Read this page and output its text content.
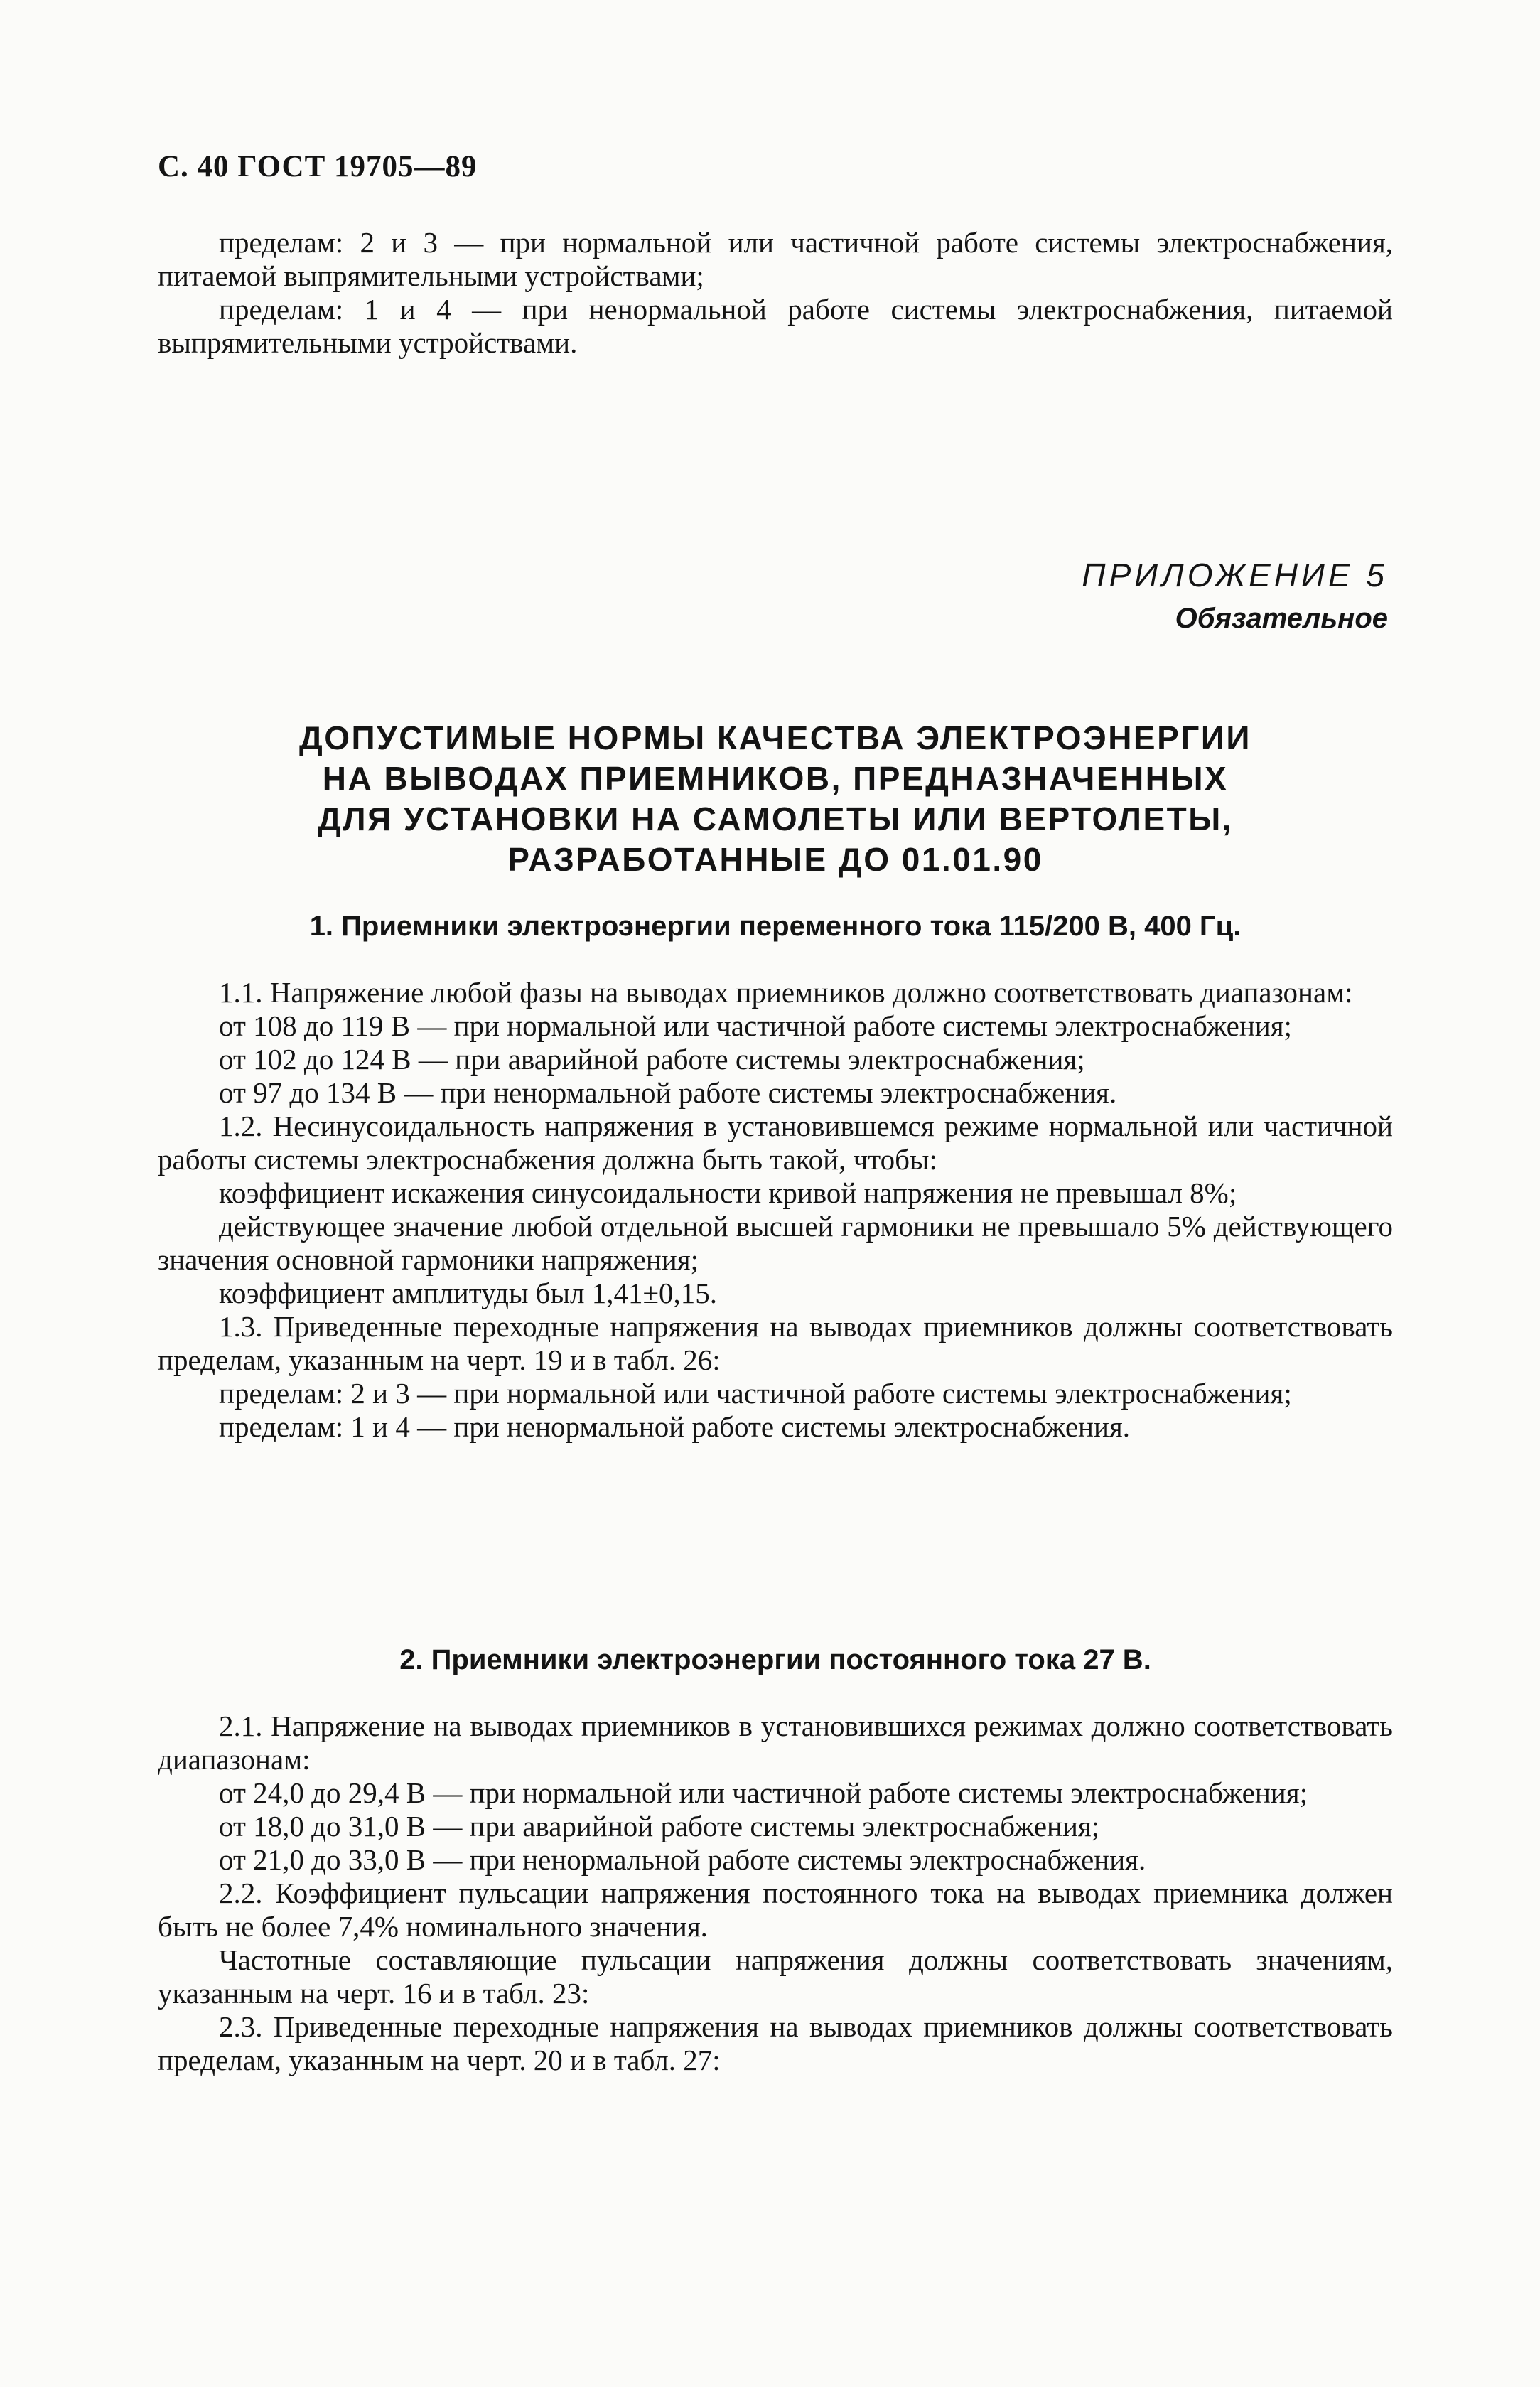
С. 40 ГОСТ 19705—89

пределам: 2 и 3 — при нормальной или частичной работе системы электроснабжения, питаемой выпрямительными устройствами;

пределам: 1 и 4 — при ненормальной работе системы электроснабжения, питаемой выпрямительными устройствами.

ПРИЛОЖЕНИЕ 5
Обязательное
ДОПУСТИМЫЕ НОРМЫ КАЧЕСТВА ЭЛЕКТРОЭНЕРГИИ
НА ВЫВОДАХ ПРИЕМНИКОВ, ПРЕДНАЗНАЧЕННЫХ
ДЛЯ УСТАНОВКИ НА САМОЛЕТЫ ИЛИ ВЕРТОЛЕТЫ,
РАЗРАБОТАННЫЕ ДО 01.01.90
1. Приемники электроэнергии переменного тока 115/200 В, 400 Гц.

1.1. Напряжение любой фазы на выводах приемников должно соответствовать диапазонам:

от 108 до 119 В — при нормальной или частичной работе системы электроснабжения;

от 102 до 124 В — при аварийной работе системы электроснабжения;

от 97 до 134 В — при ненормальной работе системы электроснабжения.

1.2. Несинусоидальность напряжения в установившемся режиме нормальной или частичной работы системы электроснабжения должна быть такой, чтобы:

коэффициент искажения синусоидальности кривой напряжения не превышал 8%;

действующее значение любой отдельной высшей гармоники не превышало 5% действующего значения основной гармоники напряжения;

коэффициент амплитуды был 1,41±0,15.

1.3. Приведенные переходные напряжения на выводах приемников должны соответствовать пределам, указанным на черт. 19 и в табл. 26:

пределам: 2 и 3 — при нормальной или частичной работе системы электроснабжения;

пределам: 1 и 4 — при ненормальной работе системы электроснабжения.

2. Приемники электроэнергии постоянного тока 27 В.

2.1. Напряжение на выводах приемников в установившихся режимах должно соответствовать диапазонам:

от 24,0 до 29,4 В — при нормальной или частичной работе системы электроснабжения;

от 18,0 до 31,0 В — при аварийной работе системы электроснабжения;

от 21,0 до 33,0 В — при ненормальной работе системы электроснабжения.

2.2. Коэффициент пульсации напряжения постоянного тока на выводах приемника должен быть не более 7,4% номинального значения.

Частотные составляющие пульсации напряжения должны соответствовать значениям, указанным на черт. 16 и в табл. 23:

2.3. Приведенные переходные напряжения на выводах приемников должны соответствовать пределам, указанным на черт. 20 и в табл. 27:
